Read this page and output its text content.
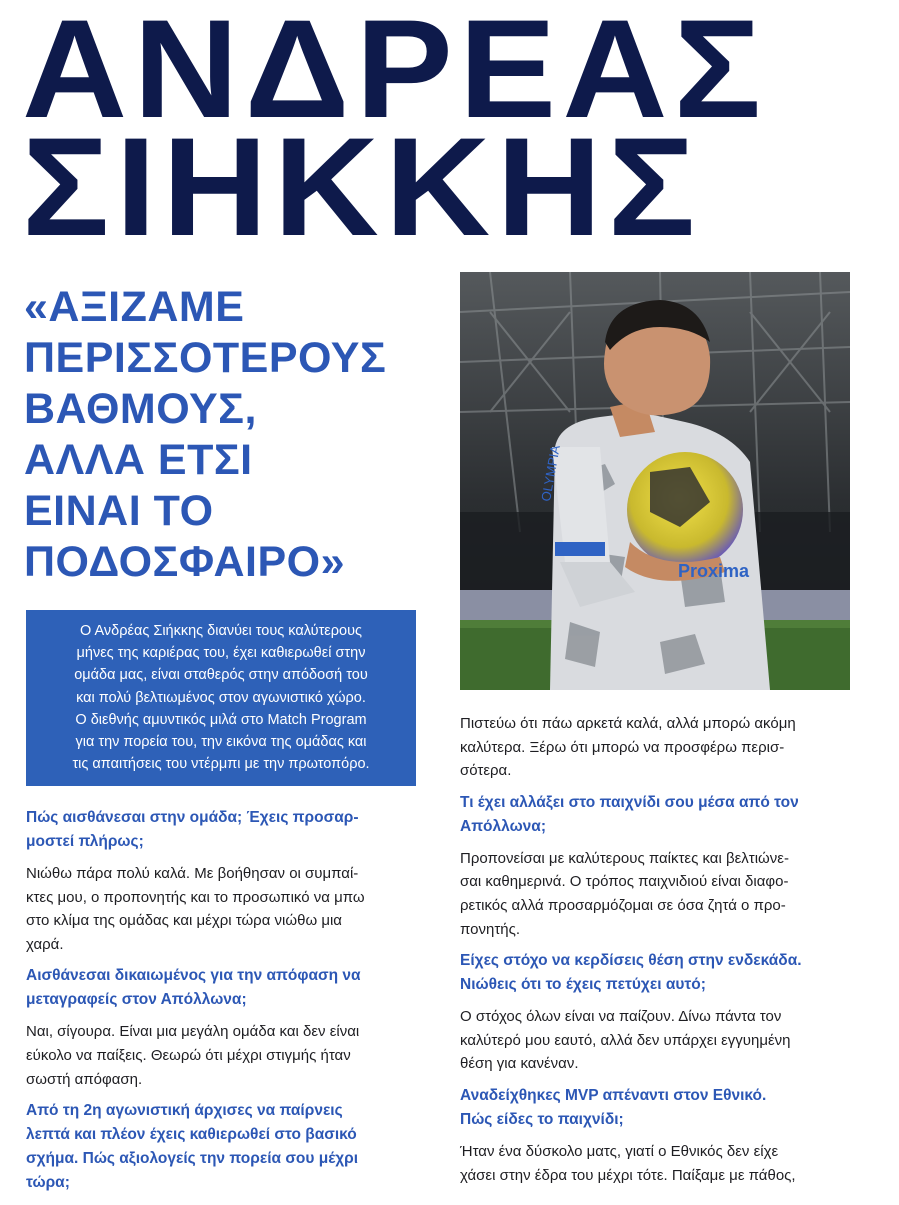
ΑΝΔΡΕΑΣ
ΣΙΗΚΚΗΣ
«ΑΞΙΖΑΜΕ
ΠΕΡΙΣΣΟΤΕΡΟΥΣ
ΒΑΘΜΟΥΣ,
ΑΛΛΑ ΕΤΣΙ
ΕΙΝΑΙ ΤΟ
ΠΟΔΟΣΦΑΙΡΟ»
OLYMPIA
Proxima
Ο Ανδρέας Σιήκκης διανύει τους καλύτερους
μήνες της καριέρας του, έχει καθιερωθεί στην
ομάδα μας, είναι σταθερός στην απόδοσή του
και πολύ βελτιωμένος στον αγωνιστικό χώρο.
Ο διεθνής αμυντικός μιλά στο Match Program
για την πορεία του, την εικόνα της ομάδας και
τις απαιτήσεις του ντέρμπι με την πρωτοπόρο.

Πώς αισθάνεσαι στην ομάδα; Έχεις προσαρ-
μοστεί πλήρως;

Νιώθω πάρα πολύ καλά. Με βοήθησαν οι συμπαί-
κτες μου, ο προπονητής και το προσωπικό να μπω
στο κλίμα της ομάδας και μέχρι τώρα νιώθω μια
χαρά.

Αισθάνεσαι δικαιωμένος για την απόφαση να
μεταγραφείς στον Απόλλωνα;

Ναι, σίγουρα. Είναι μια μεγάλη ομάδα και δεν είναι
εύκολο να παίξεις. Θεωρώ ότι μέχρι στιγμής ήταν
σωστή απόφαση.

Από τη 2η αγωνιστική άρχισες να παίρνεις
λεπτά και πλέον έχεις καθιερωθεί στο βασικό
σχήμα. Πώς αξιολογείς την πορεία σου μέχρι
τώρα;

Πιστεύω ότι πάω αρκετά καλά, αλλά μπορώ ακόμη
καλύτερα. Ξέρω ότι μπορώ να προσφέρω περισ-
σότερα.

Τι έχει αλλάξει στο παιχνίδι σου μέσα από τον
Απόλλωνα;

Προπονείσαι με καλύτερους παίκτες και βελτιώνε-
σαι καθημερινά. Ο τρόπος παιχνιδιού είναι διαφο-
ρετικός αλλά προσαρμόζομαι σε όσα ζητά ο προ-
πονητής.

Είχες στόχο να κερδίσεις θέση στην ενδεκάδα.
Νιώθεις ότι το έχεις πετύχει αυτό;

Ο στόχος όλων είναι να παίζουν. Δίνω πάντα τον
καλύτερό μου εαυτό, αλλά δεν υπάρχει εγγυημένη
θέση για κανέναν.

Αναδείχθηκες MVP απέναντι στον Εθνικό.
Πώς είδες το παιχνίδι;

Ήταν ένα δύσκολο ματς, γιατί ο Εθνικός δεν είχε
χάσει στην έδρα του μέχρι τότε. Παίξαμε με πάθος,
